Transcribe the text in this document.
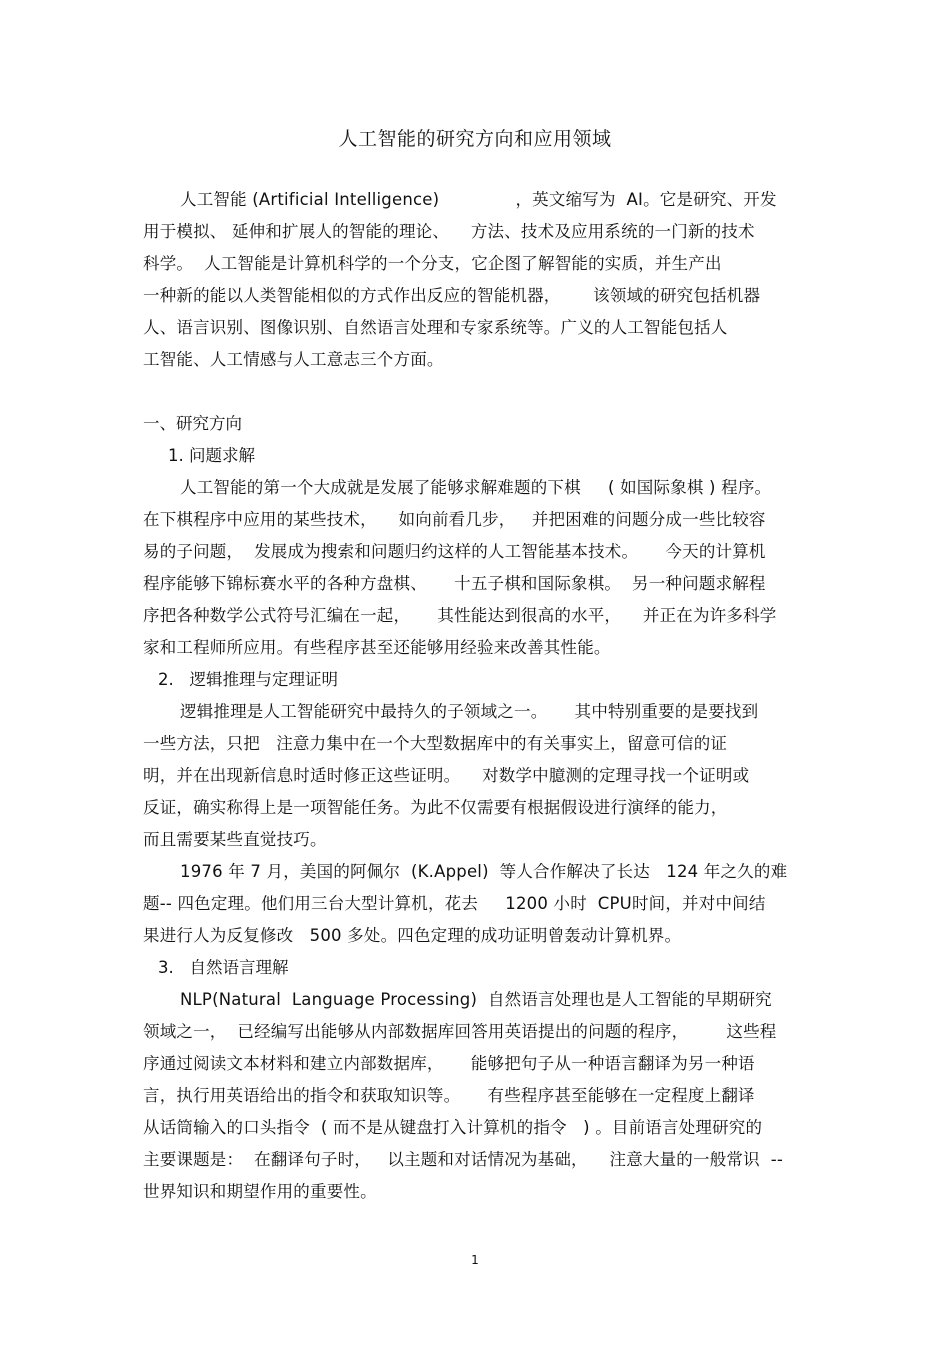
人工智能的研究方向和应用领域
人工智能 (Artificial Intelligence)              ，英文缩写为  AI。它是研究、开发
用于模拟、 延伸和扩展人的智能的理论、    方法、技术及应用系统的一门新的技术
科学。  人工智能是计算机科学的一个分支，它企图了解智能的实质，并生产出
一种新的能以人类智能相似的方式作出反应的智能机器，      该领域的研究包括机器
人、语言识别、图像识别、自然语言处理和专家系统等。广义的人工智能包括人
工智能、人工情感与人工意志三个方面。
一、研究方向
1. 问题求解
人工智能的第一个大成就是发展了能够求解难题的下棋     ( 如国际象棋 ) 程序。
在下棋程序中应用的某些技术，    如向前看几步，   并把困难的问题分成一些比较容
易的子问题，  发展成为搜索和问题归约这样的人工智能基本技术。     今天的计算机
程序能够下锦标赛水平的各种方盘棋、     十五子棋和国际象棋。  另一种问题求解程
序把各种数学公式符号汇编在一起，     其性能达到很高的水平，    并正在为许多科学
家和工程师所应用。有些程序甚至还能够用经验来改善其性能。
2.   逻辑推理与定理证明
逻辑推理是人工智能研究中最持久的子领域之一。     其中特别重要的是要找到
一些方法，只把   注意力集中在一个大型数据库中的有关事实上，留意可信的证
明，并在出现新信息时适时修正这些证明。    对数学中臆测的定理寻找一个证明或
反证，确实称得上是一项智能任务。为此不仅需要有根据假设进行演绎的能力，
而且需要某些直觉技巧。
1976 年 7 月，美国的阿佩尔  (K.Appel)  等人合作解决了长达   124 年之久的难
题-- 四色定理。他们用三台大型计算机，花去     1200 小时  CPU时间，并对中间结
果进行人为反复修改   500 多处。四色定理的成功证明曾轰动计算机界。
3.   自然语言理解
NLP(Natural  Language Processing)  自然语言处理也是人工智能的早期研究
领域之一，  已经编写出能够从内部数据库回答用英语提出的问题的程序，       这些程
序通过阅读文本材料和建立内部数据库，     能够把句子从一种语言翻译为另一种语
言，执行用英语给出的指令和获取知识等。     有些程序甚至能够在一定程度上翻译
从话筒输入的口头指令  ( 而不是从键盘打入计算机的指令   ) 。目前语言处理研究的
主要课题是：  在翻译句子时，   以主题和对话情况为基础，    注意大量的一般常识  --
世界知识和期望作用的重要性。
1
